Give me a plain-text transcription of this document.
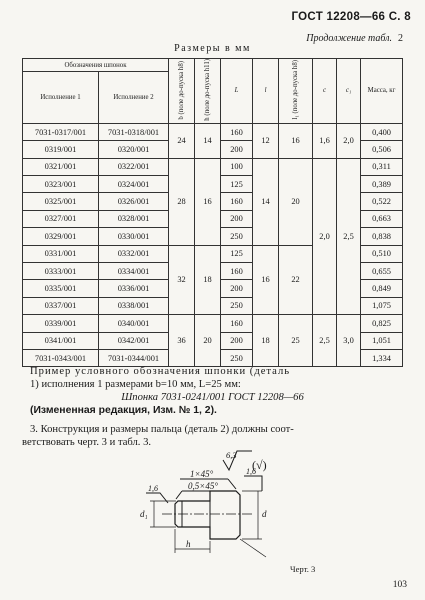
ГОСТ 12208—66 С. 8
Продолжение табл. 2
Размеры в мм
Обозначения шпонок		b (поле до-пуска h8)	h (поле до-пуска h11)	L	l	l₁ (поле до-пуска h8)	c	c₁	Масса, кг
Исполнение 1	Исполнение 2								
7031-0317/001	7031-0318/001	24	14	160	12	16	1,6	2,0	0,400
0319/001	0320/001			200					0,506
0321/001	0322/001	28	16	100	14	20	2,0	2,5	0,311
0323/001	0324/001			125					0,389
0325/001	0326/001			160					0,522
0327/001	0328/001			200					0,663
0329/001	0330/001			250					0,838
0331/001	0332/001	32	18	125	16	22			0,510
0333/001	0334/001			160					0,655
0335/001	0336/001			200					0,849
0337/001	0338/001			250					1,075
0339/001	0340/001	36	20	160	18	25	2,5	3,0	0,825
0341/001	0342/001			200					1,051
7031-0343/001	7031-0344/001			250					1,334
Пример условного обозначения шпонки (деталь
1) исполнения 1 размерами b=10 мм, L=25 мм:
Шпонка 7031-0241/001 ГОСТ 12208—66
(Измененная редакция, Изм. № 1, 2).
3. Конструкция и размеры пальца (деталь 2) должны соот-
ветствовать черт. 3 и табл. 3.
6,3
(√)
1×45°
0,5×45°
1,6
1,6
d₁	d
h
Черт. 3
103
